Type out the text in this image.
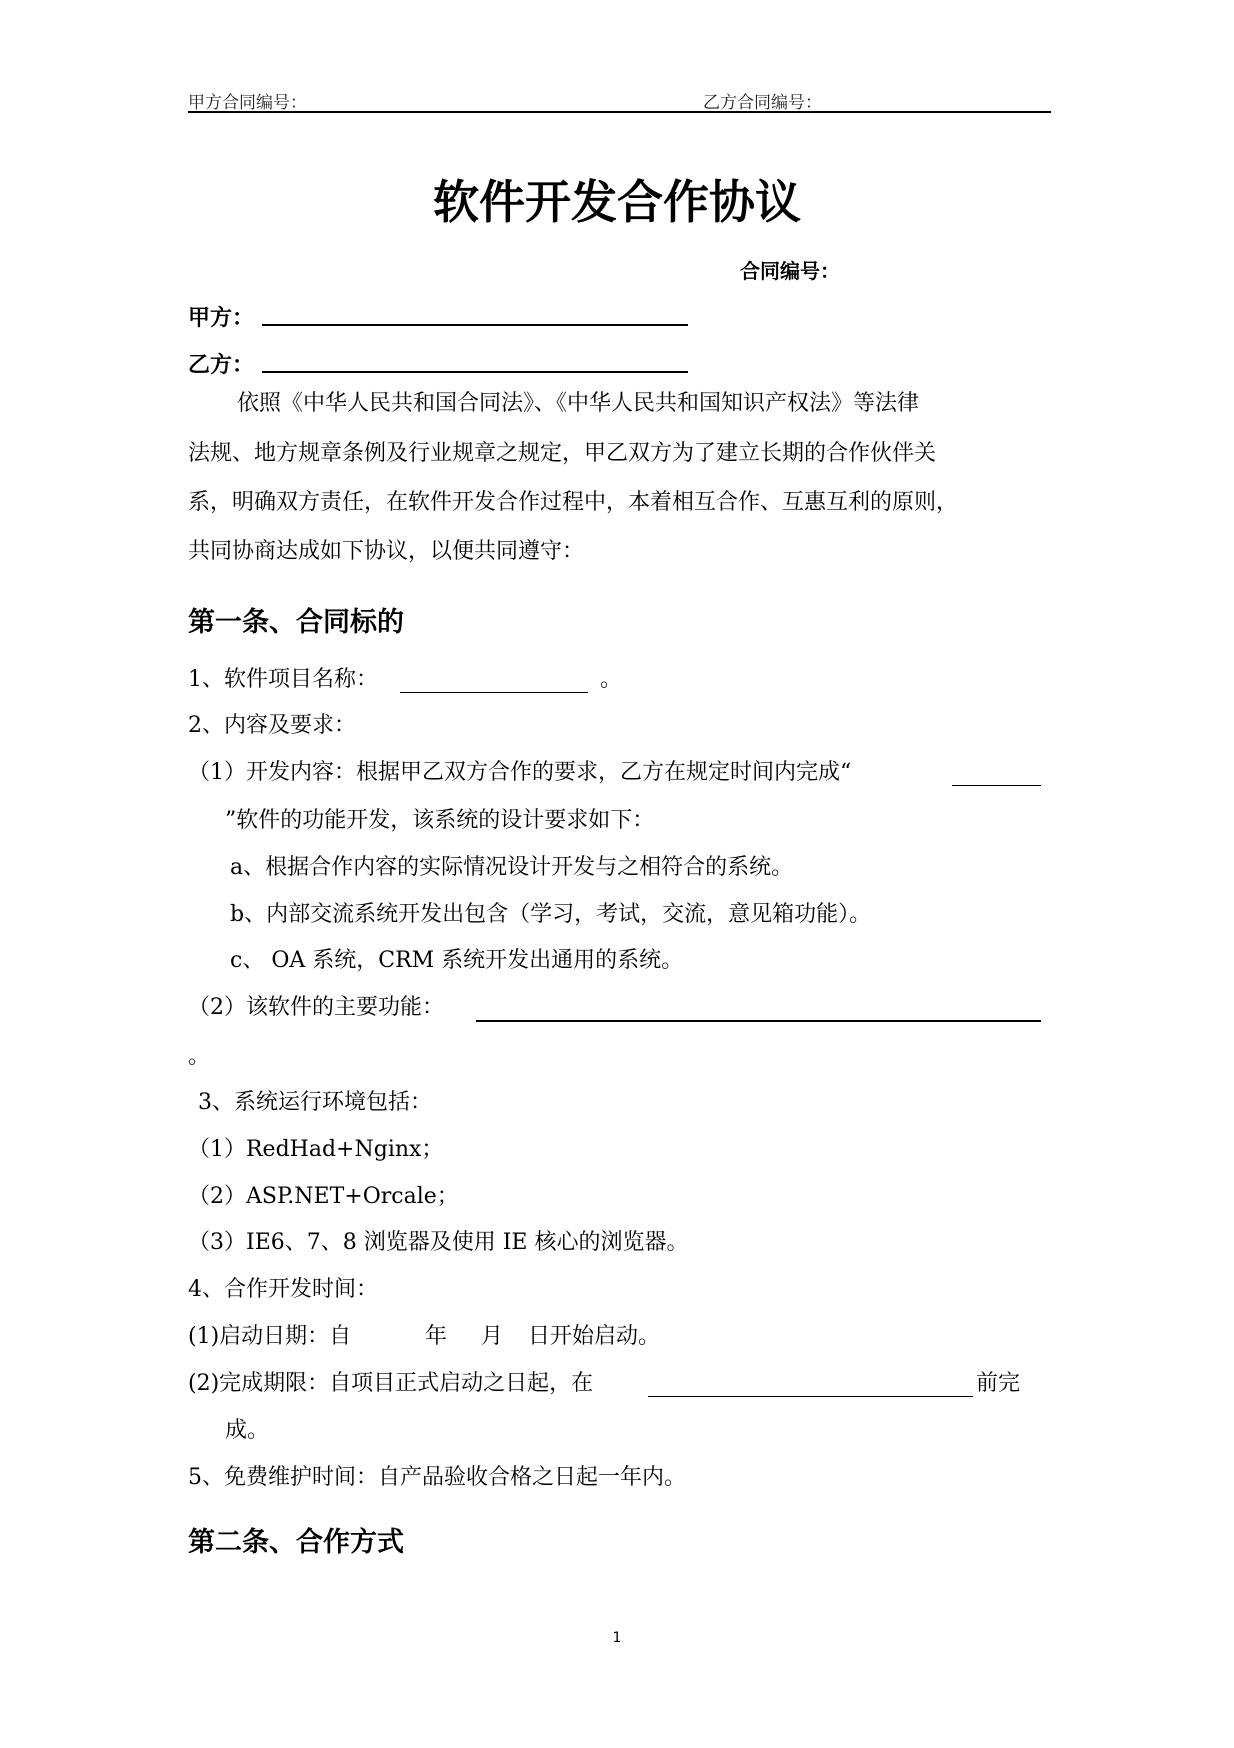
甲方合同编号：	乙方合同编号：
软件开发合作协议
合同编号：
甲方：
乙方：
依照《中华人民共和国合同法》、《中华人民共和国知识产权法》等法律
法规、地方规章条例及行业规章之规定，甲乙双方为了建立长期的合作伙伴关
系，明确双方责任，在软件开发合作过程中，本着相互合作、互惠互利的原则，
共同协商达成如下协议，以便共同遵守：
第一条、合同标的
1、软件项目名称：	。
2、内容及要求：
（1）开发内容：根据甲乙双方合作的要求，乙方在规定时间内完成“
”软件的功能开发，该系统的设计要求如下：
a、根据合作内容的实际情况设计开发与之相符合的系统。
b、内部交流系统开发出包含（学习，考试，交流，意见箱功能）。
c、 OA 系统，CRM 系统开发出通用的系统。
（2）该软件的主要功能：
。
3、系统运行环境包括：
（1）RedHad+Nginx；
（2）ASP.NET+Orcale；
（3）IE6、7、8 浏览器及使用 IE 核心的浏览器。
4、合作开发时间：
(1)启动日期：自	年 月 日开始启动。
(2)完成期限：自项目正式启动之日起，在	前完
成。
5、免费维护时间：自产品验收合格之日起一年内。
第二条、合作方式
1
